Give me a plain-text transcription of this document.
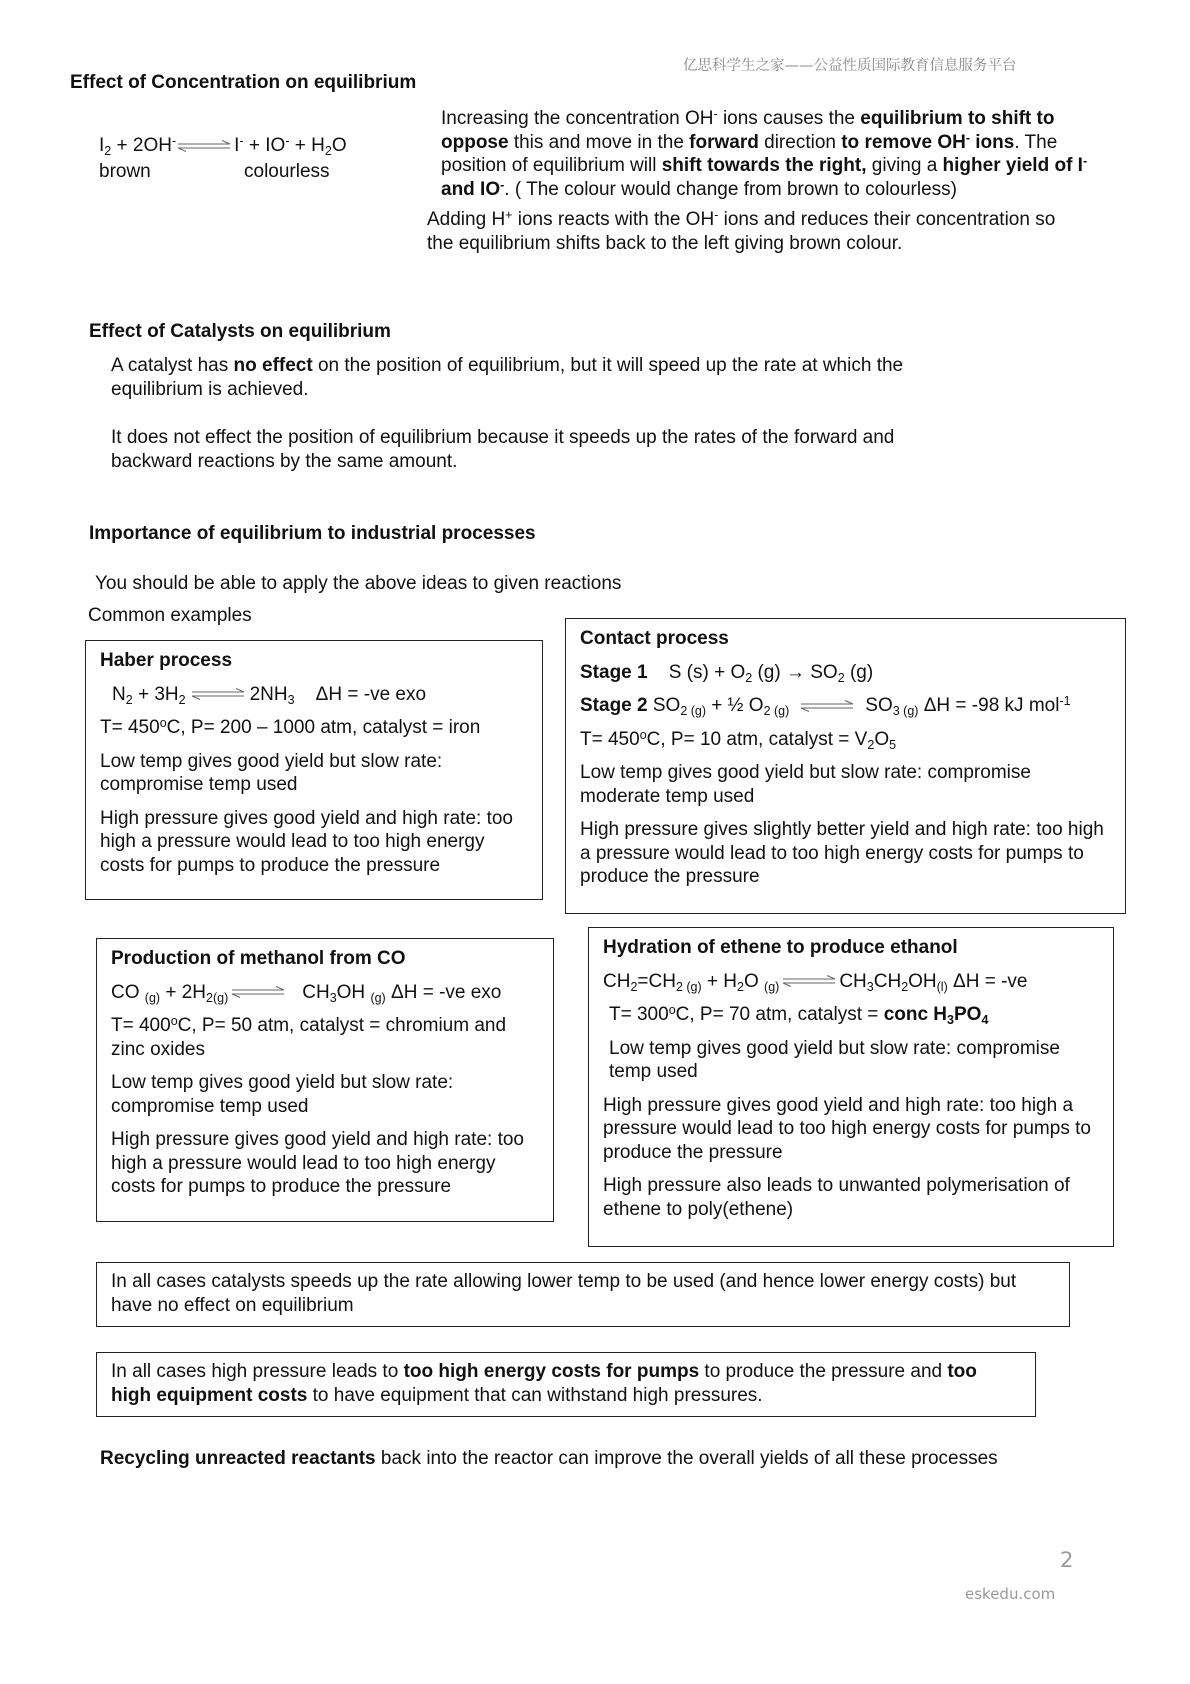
亿思科学生之家——公益性质国际教育信息服务平台
Effect of Concentration on equilibrium
$I_2 + 2OH^-$ ⇌I- + $IO^- + H_2O$
brown	colourless
Increasing the concentration OH- ions causes the equilibrium to shift to oppose this and move in the forward direction to remove OH- ions. The position of equilibrium will shift towards the right, giving a higher yield of I- and IO-. ( The colour would change from brown to colourless)
Adding H+ ions reacts with the OH- ions and reduces their concentration so the equilibrium shifts back to the left giving brown colour.
Effect of Catalysts on equilibrium
A catalyst has no effect on the position of equilibrium, but it will speed up the rate at which the equilibrium is achieved.
It does not effect the position of equilibrium because it speeds up the rates of the forward and backward reactions by the same amount.
Importance of equilibrium to industrial processes
You should be able to apply the above ideas to given reactions
Common examples

Haber process

$N_2 + 3H_2$ ⇌ $2NH_3$    ΔH = -ve exo

$T= 450^oC$, P= 200 – 1000 atm, catalyst = iron

Low temp gives good yield but slow rate: compromise temp used

High pressure gives good yield and high rate: too high a pressure would lead to too high energy costs for pumps to produce the pressure

Contact process

Stage 1    S $(s) + O_2$ $(g) \to SO_2$ (g)

Stage 2 $SO_{2 (g)}$ + ½ $O_{2 (g)}$ ⇌ $SO_{3 (g)}$ ΔH = -98 kJ mol$^{-1}$

$T= 450^oC$, P= 10 atm, catalyst = $V_2O_5$

Low temp gives good yield but slow rate: compromise moderate temp used

High pressure gives slightly better yield and high rate: too high a pressure would lead to too high energy costs for pumps to produce the pressure

Production of methanol from CO

CO $_{(g)} + 2H_{2(g)}$ ⇌ $CH_3OH$ $_{(g)}$ ΔH = -ve exo

$T= 400^oC$, P= 50 atm, catalyst = chromium and zinc oxides

Low temp gives good yield but slow rate: compromise temp used

High pressure gives good yield and high rate: too high a pressure would lead to too high energy costs for pumps to produce the pressure

Hydration of ethene to produce ethanol

$CH_2=CH_{2 (g)} + H_2O$ $_{(g)}$ ⇌ $CH_3CH_2OH_{(l)}$ ΔH = -ve

$T= 300^oC$, P= 70 atm, catalyst = conc $H_3PO_4$

Low temp gives good yield but slow rate: compromise temp used

High pressure gives good yield and high rate: too high a pressure would lead to too high energy costs for pumps to produce the pressure

High pressure also leads to unwanted polymerisation of ethene to poly(ethene)

In all cases catalysts speeds up the rate allowing lower temp to be used (and hence lower energy costs) but have no effect on equilibrium
In all cases high pressure leads to too high energy costs for pumps to produce the pressure and too high equipment costs to have equipment that can withstand high pressures.
Recycling unreacted reactants back into the reactor can improve the overall yields of all these processes
2
eskedu.com
